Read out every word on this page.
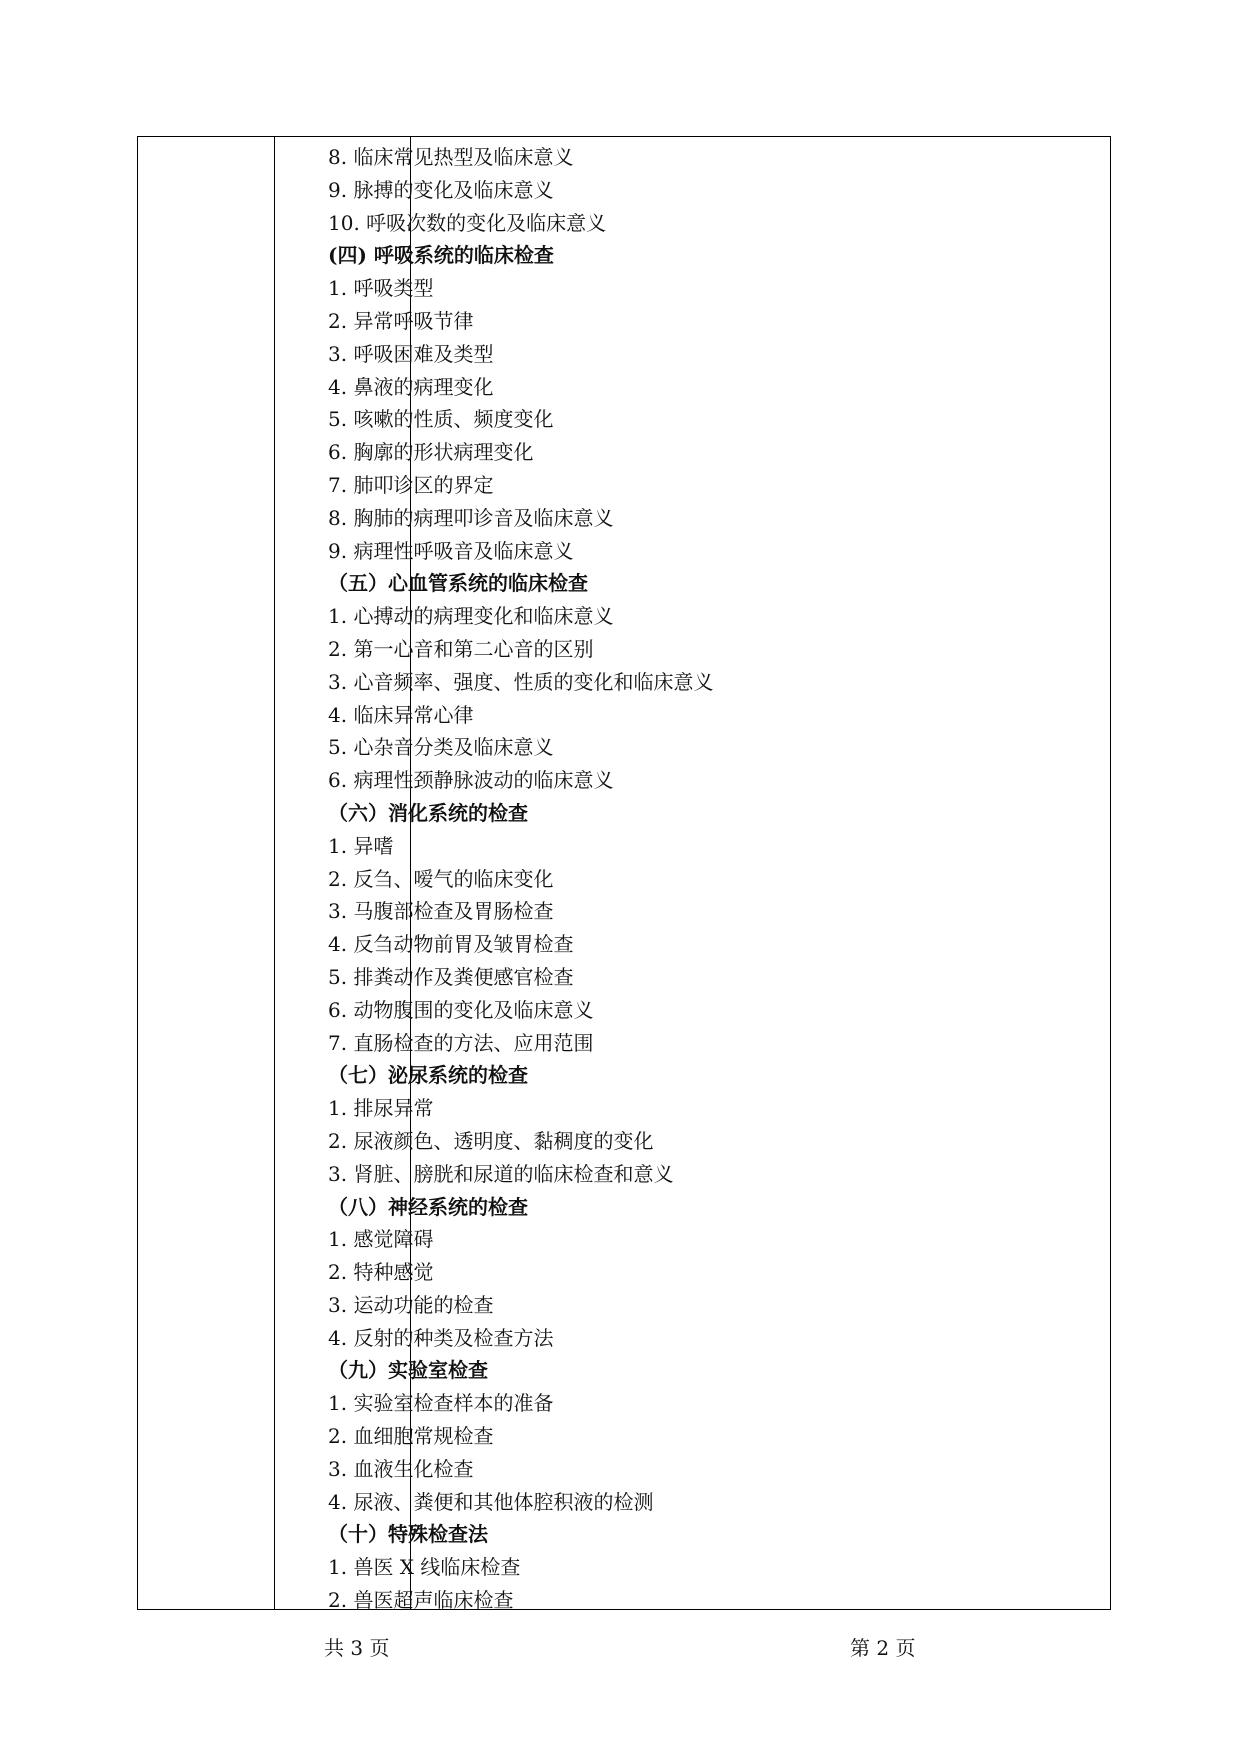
8. 临床常见热型及临床意义
9. 脉搏的变化及临床意义
10. 呼吸次数的变化及临床意义
(四) 呼吸系统的临床检查
1. 呼吸类型
2. 异常呼吸节律
3. 呼吸困难及类型
4. 鼻液的病理变化
5. 咳嗽的性质、频度变化
6. 胸廓的形状病理变化
7. 肺叩诊区的界定
8. 胸肺的病理叩诊音及临床意义
9. 病理性呼吸音及临床意义
（五）心血管系统的临床检查
1. 心搏动的病理变化和临床意义
2. 第一心音和第二心音的区别
3. 心音频率、强度、性质的变化和临床意义
4. 临床异常心律
5. 心杂音分类及临床意义
6. 病理性颈静脉波动的临床意义
（六）消化系统的检查
1. 异嗜
2. 反刍、嗳气的临床变化
3. 马腹部检查及胃肠检查
4. 反刍动物前胃及皱胃检查
5. 排粪动作及粪便感官检查
6. 动物腹围的变化及临床意义
7. 直肠检查的方法、应用范围
（七）泌尿系统的检查
1. 排尿异常
2. 尿液颜色、透明度、黏稠度的变化
3. 肾脏、膀胱和尿道的临床检查和意义
（八）神经系统的检查
1. 感觉障碍
2. 特种感觉
3. 运动功能的检查
4. 反射的种类及检查方法
（九）实验室检查
1. 实验室检查样本的准备
2. 血细胞常规检查
3. 血液生化检查
4. 尿液、粪便和其他体腔积液的检测
（十）特殊检查法
1. 兽医 X 线临床检查
2. 兽医超声临床检查
共 3 页	第 2 页
